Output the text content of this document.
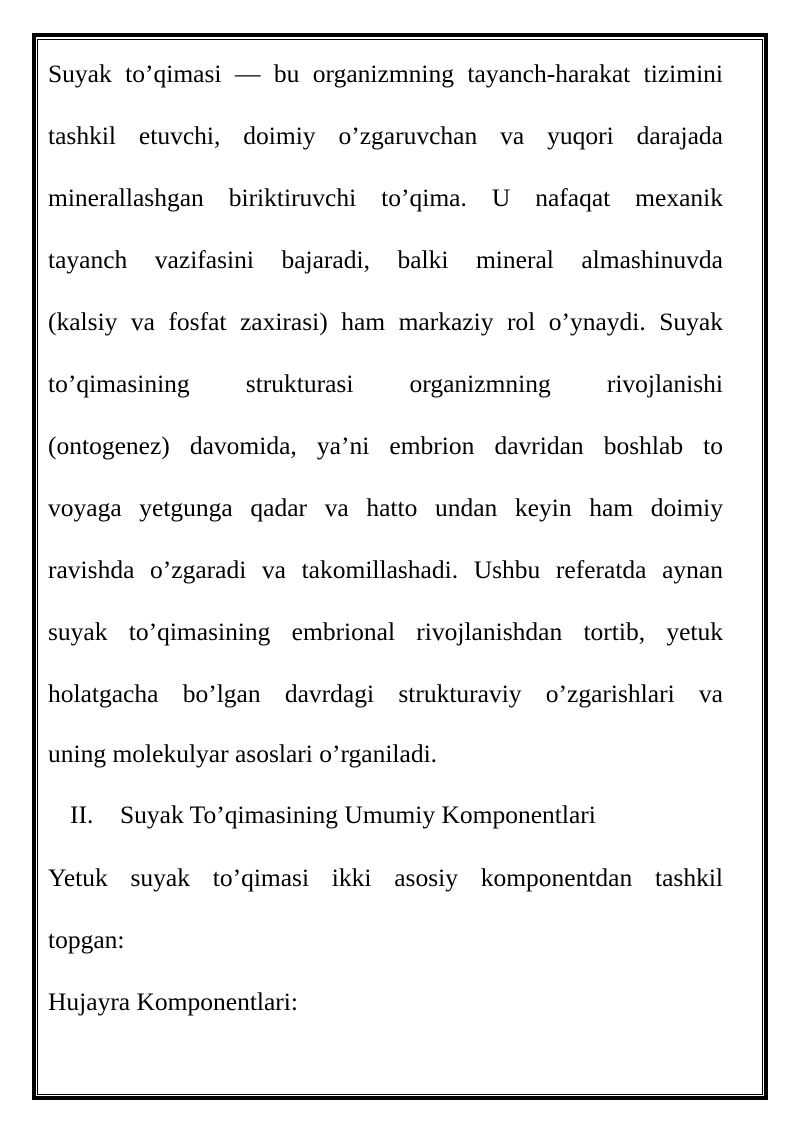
Suyak to’qimasi — bu organizmning tayanch-harakat tizimini
tashkil etuvchi, doimiy o’zgaruvchan va yuqori darajada
minerallashgan biriktiruvchi to’qima. U nafaqat mexanik
tayanch vazifasini bajaradi, balki mineral almashinuvda
(kalsiy va fosfat zaxirasi) ham markaziy rol o’ynaydi. Suyak
to’qimasining strukturasi organizmning rivojlanishi
(ontogenez) davomida, ya’ni embrion davridan boshlab to
voyaga yetgunga qadar va hatto undan keyin ham doimiy
ravishda o’zgaradi va takomillashadi. Ushbu referatda aynan
suyak to’qimasining embrional rivojlanishdan tortib, yetuk
holatgacha bo’lgan davrdagi strukturaviy o’zgarishlari va
uning molekulyar asoslari o’rganiladi.
II. Suyak To’qimasining Umumiy Komponentlari
Yetuk suyak to’qimasi ikki asosiy komponentdan tashkil
topgan:
Hujayra Komponentlari:
